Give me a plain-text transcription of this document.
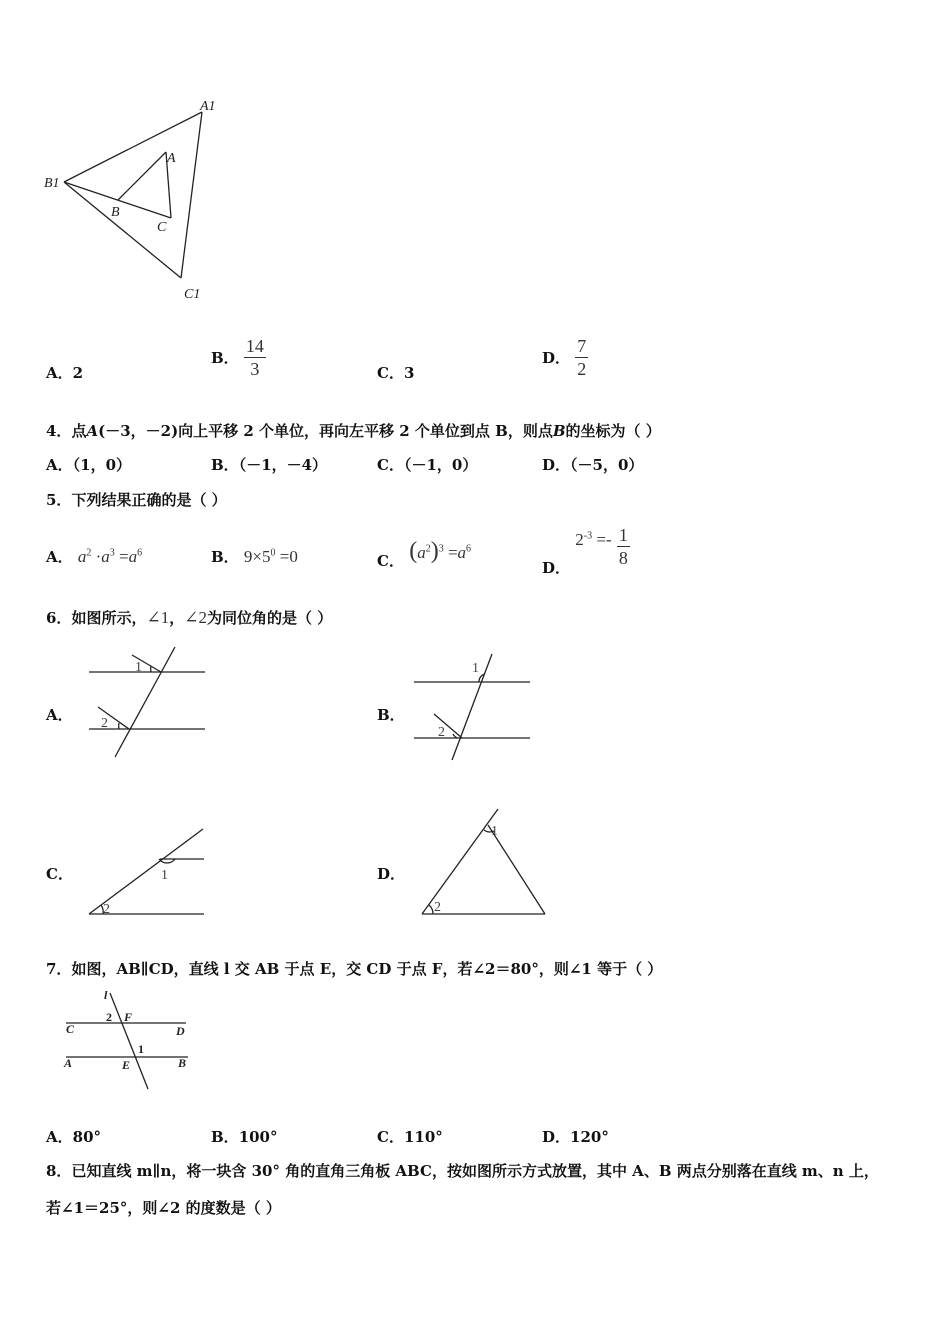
A1
B1
C1
A
B
C
A．2
B． $\frac{14}{3}$	C．3
D． $\frac{7}{2}$
4．点A(－3，－2)向上平移 2 个单位，再向左平移 2 个单位到点 B，则点B的坐标为（ ）
A．（1，0）	B．（－1，－4）	C．（－1，0）	D．（－5，0）
5．下列结果正确的是（ ）
A． $a^2 \cdot a^3 =a^6$	B． $9\times 5^0 =0$	C． $(a^2)^3 =a^6$
D． $2^{-3} =- \frac{1}{8}$
6．如图所示，∠1，∠2为同位角的是（ ）
A．
1
2	B．
1
2
C．	1
2
D．
1
2
7．如图，AB∥CD，直线 l 交 AB 于点 E，交 CD 于点 F，若∠2＝80°，则∠1 等于（ ）
l
2 F
C	D
1
A	E	B
A．80°	B．100°	C．110°	D．120°
8．已知直线 m∥n，将一块含 30° 角的直角三角板 ABC，按如图所示方式放置，其中 A、B 两点分别落在直线 m、n 上，
若∠1＝25°，则∠2 的度数是（ ）
